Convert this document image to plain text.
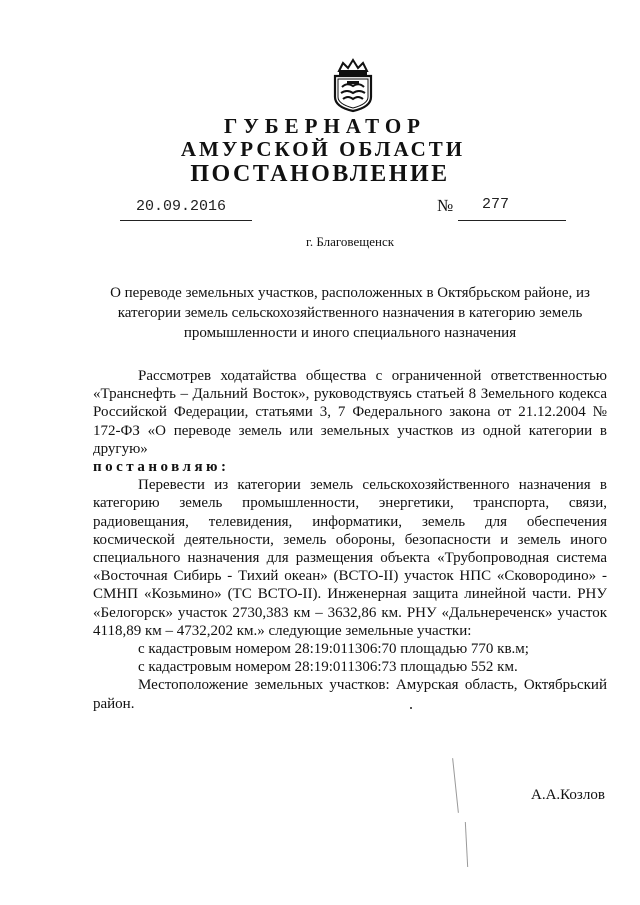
ГУБЕРНАТОР
АМУРСКОЙ ОБЛАСТИ
ПОСТАНОВЛЕНИЕ
20.09.2016	№ 277
г. Благовещенск
О переводе земельных участков, расположенных в Октябрьском районе, из категории земель сельскохозяйственного назначения в категорию земель промышленности и иного специального назначения

Рассмотрев ходатайства общества с ограниченной ответственностью «Транснефть – Дальний Восток», руководствуясь статьей 8 Земельного кодекса Российской Федерации, статьями 3, 7 Федерального закона от 21.12.2004 № 172-ФЗ «О переводе земель или земельных участков из одной категории в другую»

постановляю:

Перевести из категории земель сельскохозяйственного назначения в категорию земель промышленности, энергетики, транспорта, связи, радиовещания, телевидения, информатики, земель для обеспечения космической деятельности, земель обороны, безопасности и земель иного специального назначения для размещения объекта «Трубопроводная система «Восточная Сибирь - Тихий океан» (ВСТО-II) участок НПС «Сковородино» - СМНП «Козьмино» (ТС ВСТО-II). Инженерная защита линейной части. РНУ «Белогорск» участок 2730,383 км – 3632,86 км. РНУ «Дальнереченск» участок 4118,89 км – 4732,202 км.» следующие земельные участки:

с кадастровым номером 28:19:011306:70 площадью 770 кв.м;

с кадастровым номером 28:19:011306:73 площадью 552 км.

Местоположение земельных участков: Амурская область, Октябрьский район.

А.А.Козлов
